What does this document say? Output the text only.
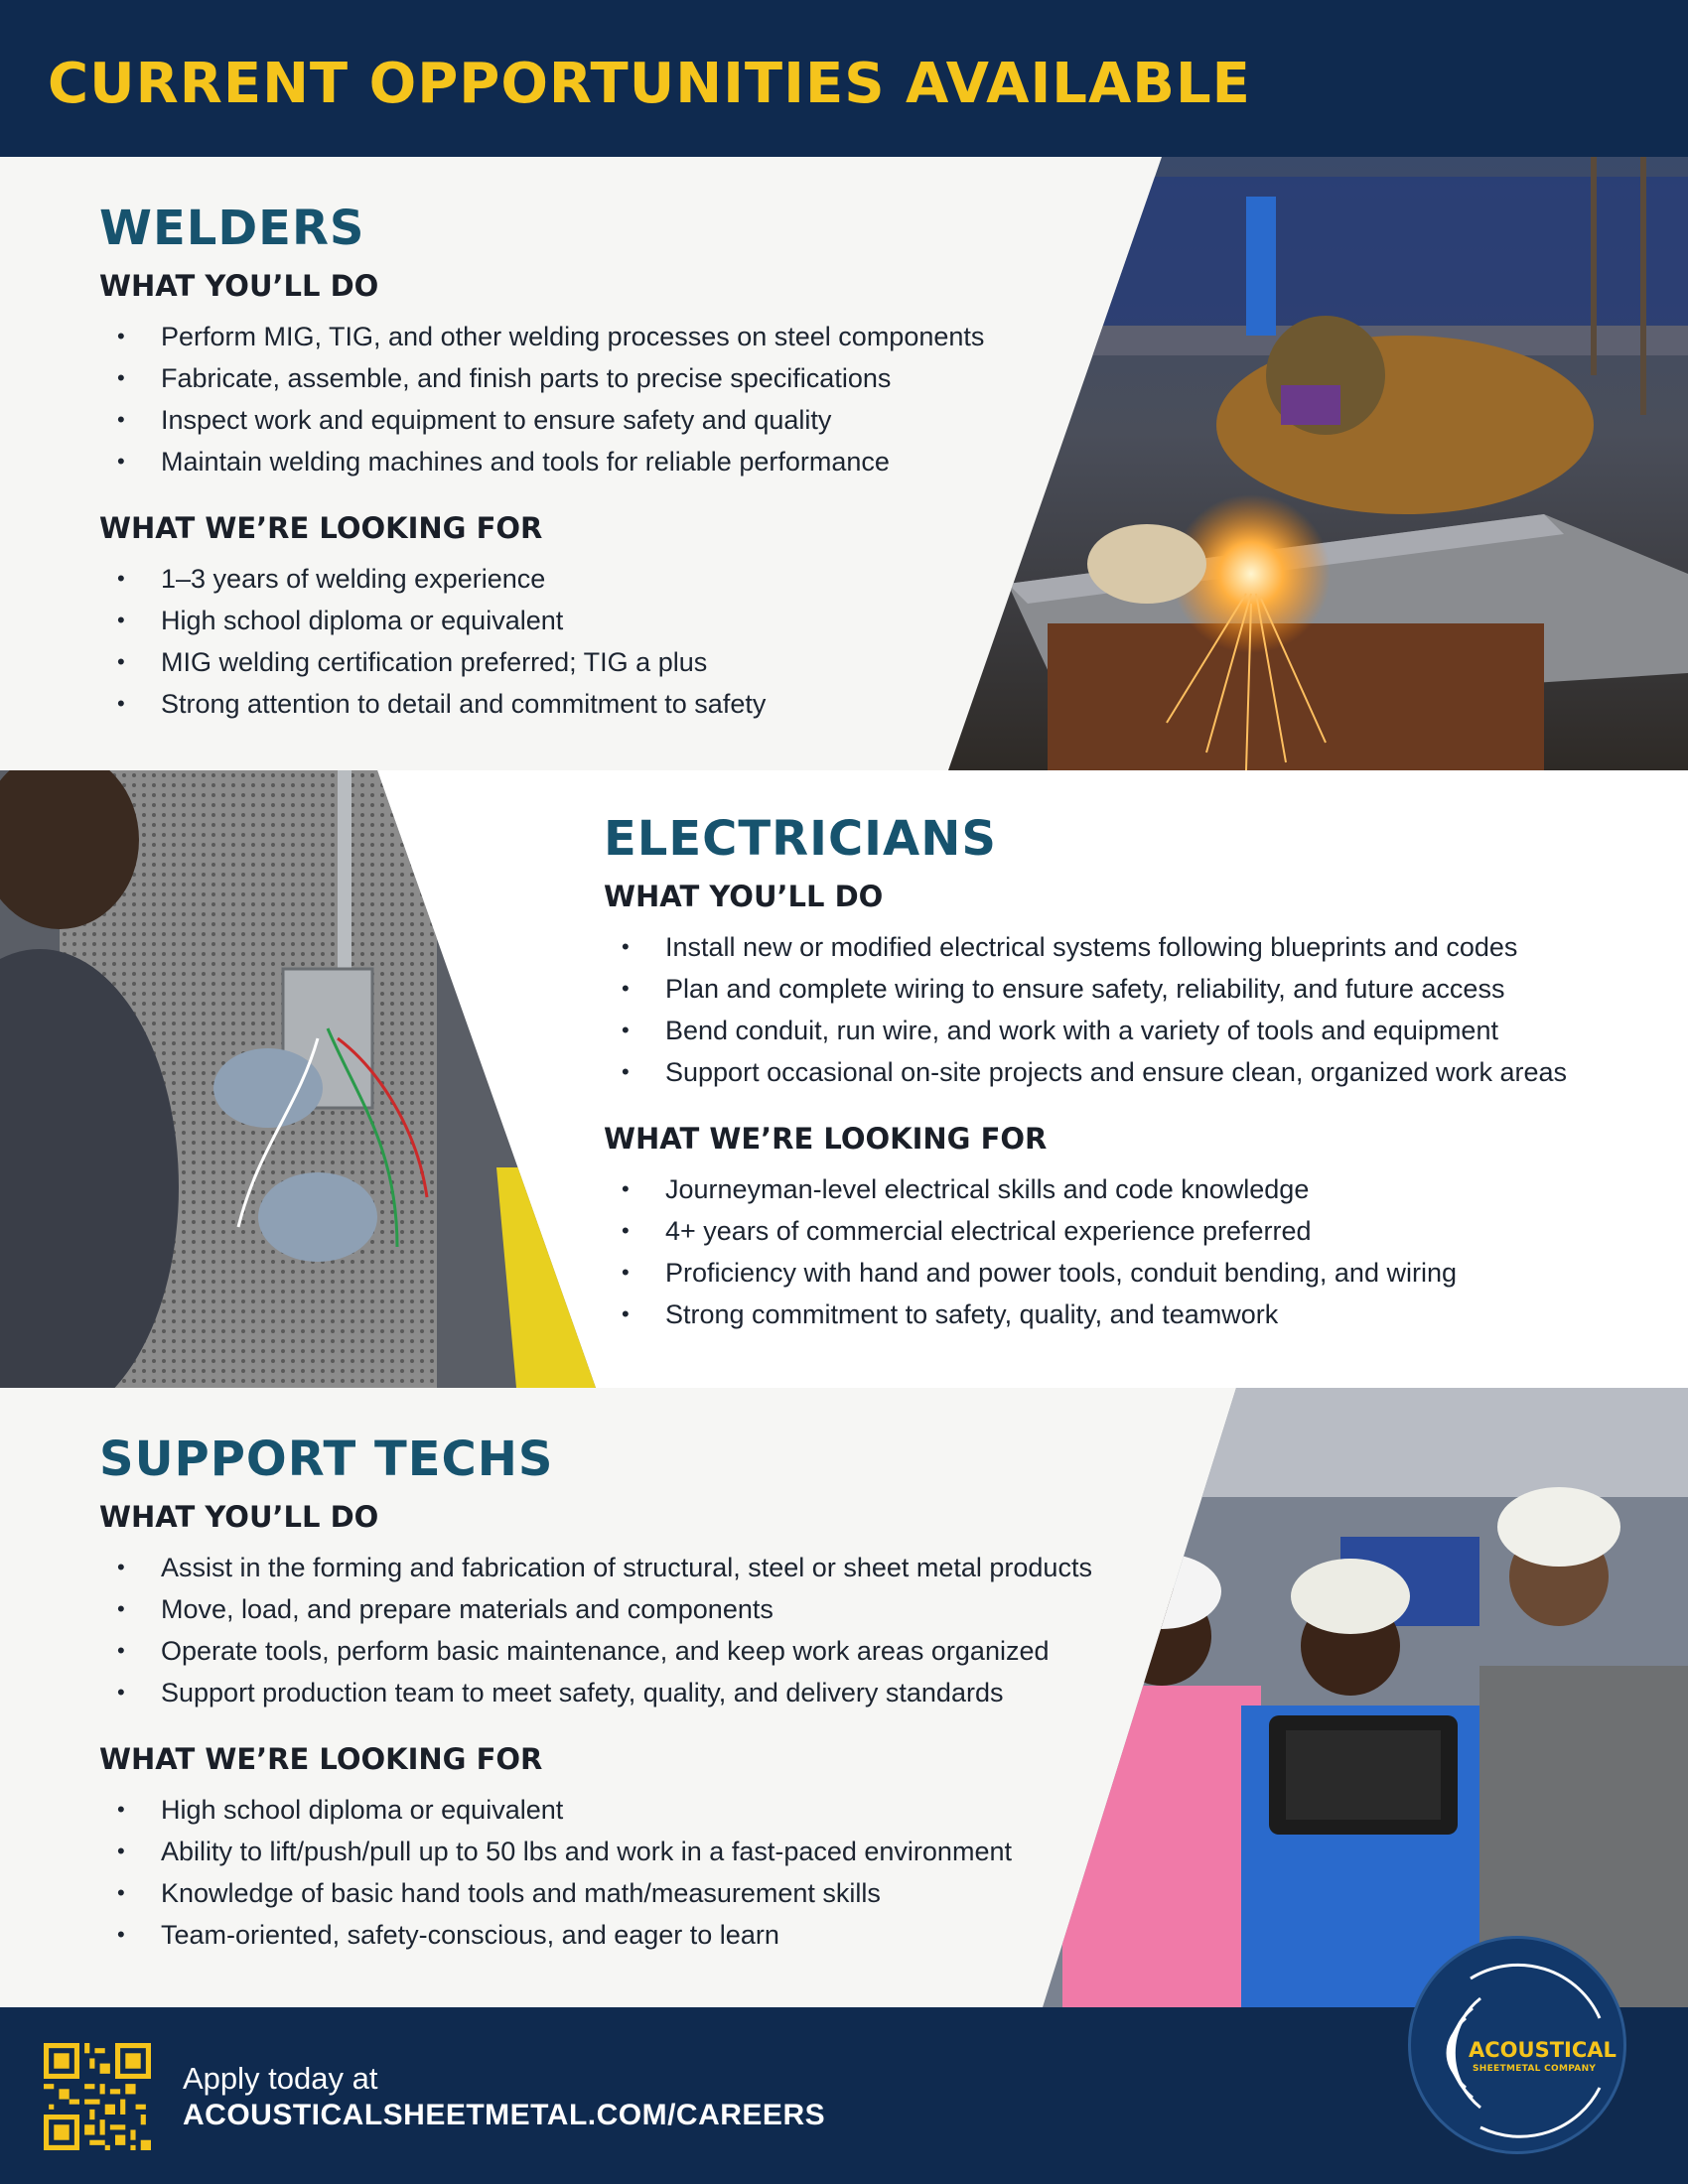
CURRENT OPPORTUNITIES AVAILABLE
WELDERS
WHAT YOU’LL DO
• Perform MIG, TIG, and other welding processes on steel components
• Fabricate, assemble, and finish parts to precise specifications
• Inspect work and equipment to ensure safety and quality
• Maintain welding machines and tools for reliable performance
WHAT WE’RE LOOKING FOR
• 1–3 years of welding experience
• High school diploma or equivalent
• MIG welding certification preferred; TIG a plus
• Strong attention to detail and commitment to safety
ELECTRICIANS
WHAT YOU’LL DO
• Install new or modified electrical systems following blueprints and codes
• Plan and complete wiring to ensure safety, reliability, and future access
• Bend conduit, run wire, and work with a variety of tools and equipment
• Support occasional on-site projects and ensure clean, organized work areas
WHAT WE’RE LOOKING FOR
• Journeyman-level electrical skills and code knowledge
• 4+ years of commercial electrical experience preferred
• Proficiency with hand and power tools, conduit bending, and wiring
• Strong commitment to safety, quality, and teamwork
SUPPORT TECHS
WHAT YOU’LL DO
• Assist in the forming and fabrication of structural, steel or sheet metal products
• Move, load, and prepare materials and components
• Operate tools, perform basic maintenance, and keep work areas organized
• Support production team to meet safety, quality, and delivery standards
WHAT WE’RE LOOKING FOR
• High school diploma or equivalent
• Ability to lift/push/pull up to 50 lbs and work in a fast-paced environment
• Knowledge of basic hand tools and math/measurement skills
• Team-oriented, safety-conscious, and eager to learn
Apply today at
ACOUSTICALSHEETMETAL.COM/CAREERS
ACOUSTICAL
SHEETMETAL COMPANY
